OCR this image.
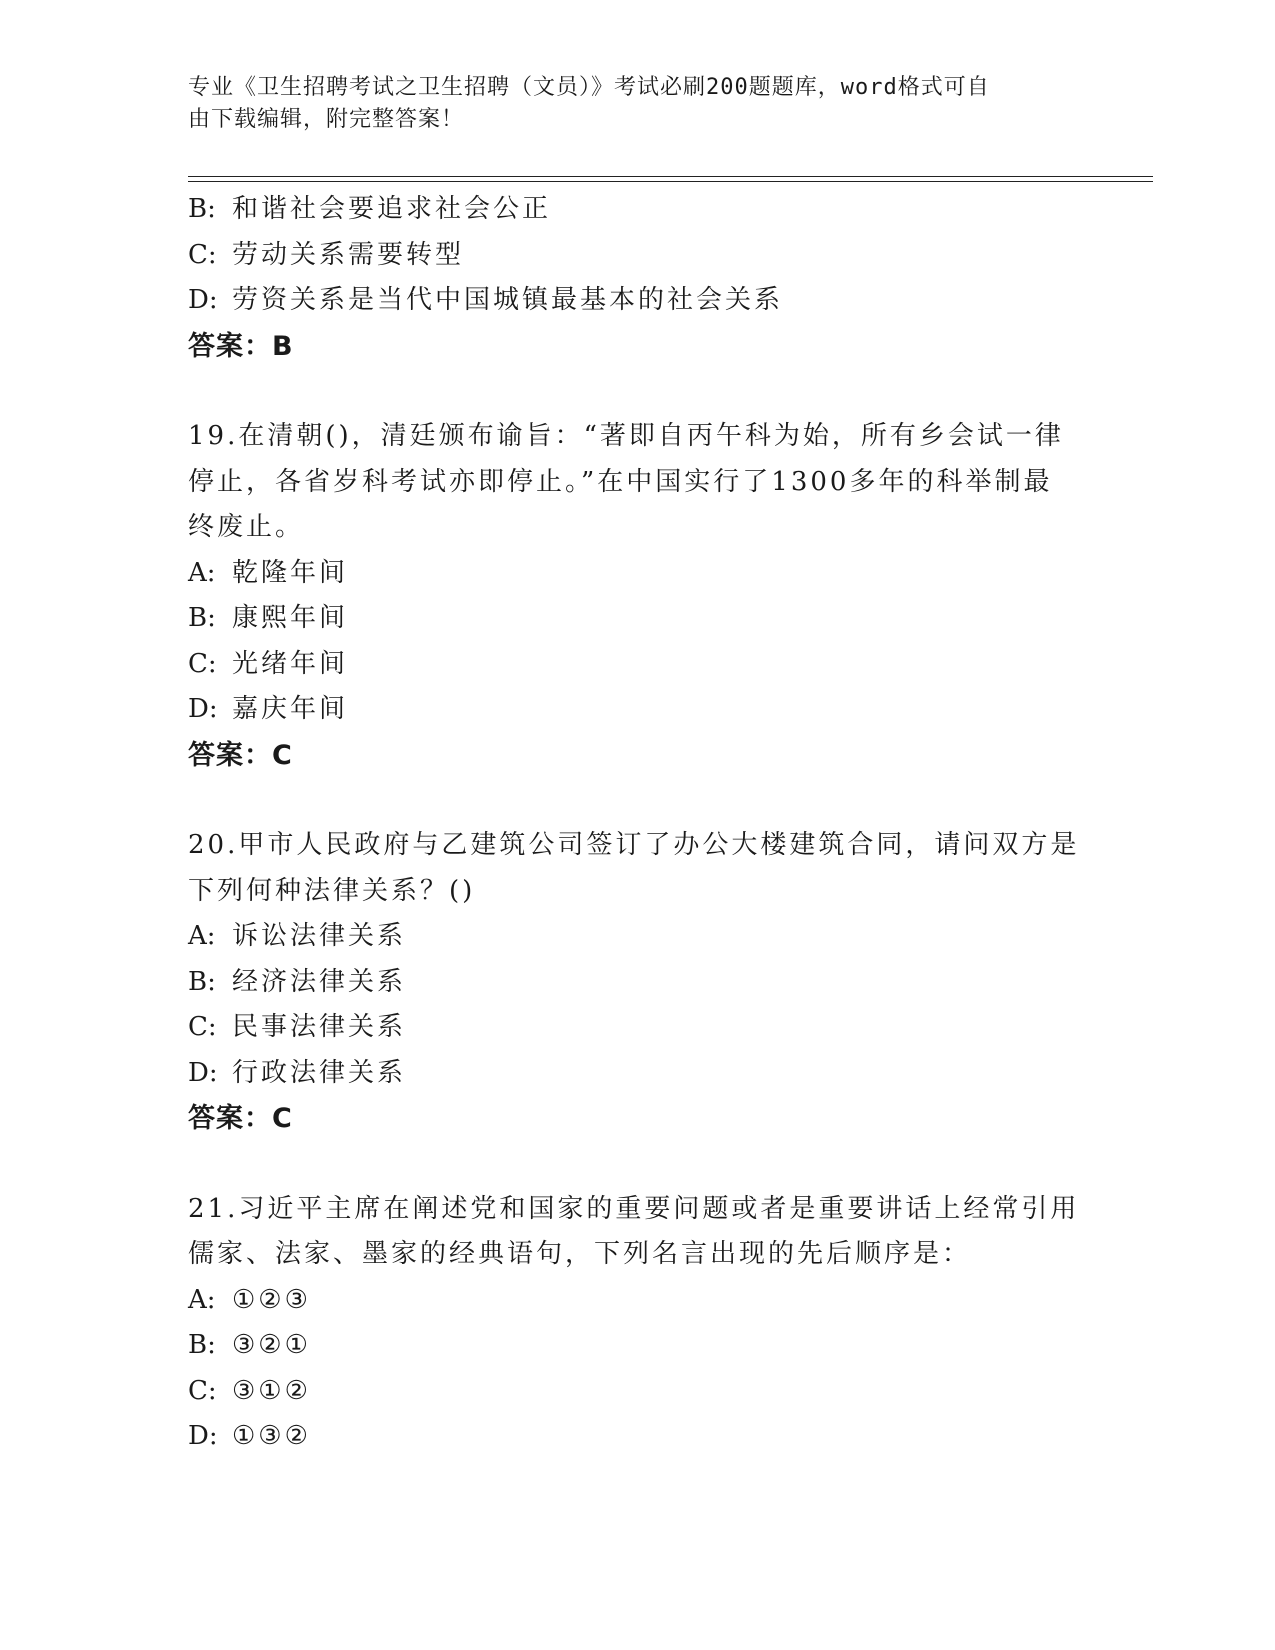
专业《卫生招聘考试之卫生招聘（文员）》考试必刷200题题库，word格式可自
由下载编辑，附完整答案！
B: 和谐社会要追求社会公正
C: 劳动关系需要转型
D: 劳资关系是当代中国城镇最基本的社会关系
答案：B
19.在清朝()，清廷颁布谕旨：“著即自丙午科为始，所有乡会试一律
停止，各省岁科考试亦即停止。”在中国实行了1300多年的科举制最
终废止。
A: 乾隆年间
B: 康熙年间
C: 光绪年间
D: 嘉庆年间
答案：C
20.甲市人民政府与乙建筑公司签订了办公大楼建筑合同，请问双方是
下列何种法律关系？()
A: 诉讼法律关系
B: 经济法律关系
C: 民事法律关系
D: 行政法律关系
答案：C
21.习近平主席在阐述党和国家的重要问题或者是重要讲话上经常引用
儒家、法家、墨家的经典语句，下列名言出现的先后顺序是：
A: ①②③
B: ③②①
C: ③①②
D: ①③②
